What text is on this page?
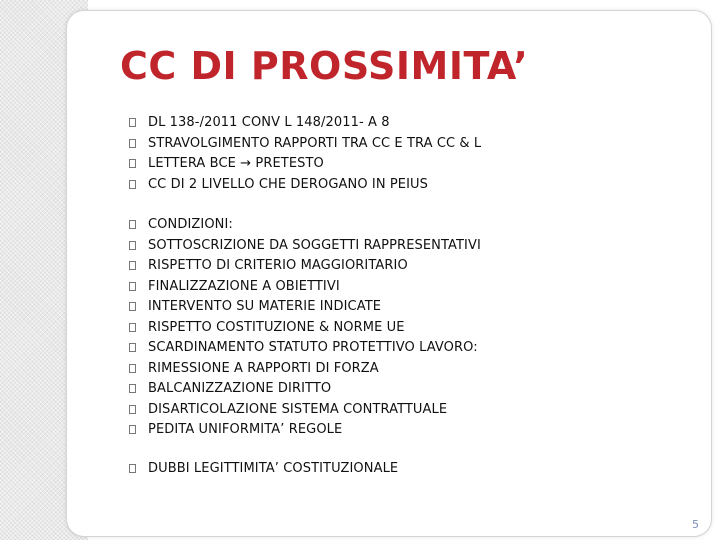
CC DI PROSSIMITA’
DL 138-/2011 CONV L 148/2011- A 8
STRAVOLGIMENTO RAPPORTI TRA CC E TRA CC & L
LETTERA BCE → PRETESTO
CC DI 2 LIVELLO CHE DEROGANO IN PEIUS
CONDIZIONI:
SOTTOSCRIZIONE DA SOGGETTI RAPPRESENTATIVI
RISPETTO DI CRITERIO MAGGIORITARIO
FINALIZZAZIONE A OBIETTIVI
INTERVENTO SU MATERIE INDICATE
RISPETTO COSTITUZIONE & NORME UE
SCARDINAMENTO STATUTO PROTETTIVO LAVORO:
RIMESSIONE A RAPPORTI DI FORZA
BALCANIZZAZIONE DIRITTO
DISARTICOLAZIONE SISTEMA CONTRATTUALE
PEDITA UNIFORMITA’ REGOLE
DUBBI LEGITTIMITA’ COSTITUZIONALE
5
